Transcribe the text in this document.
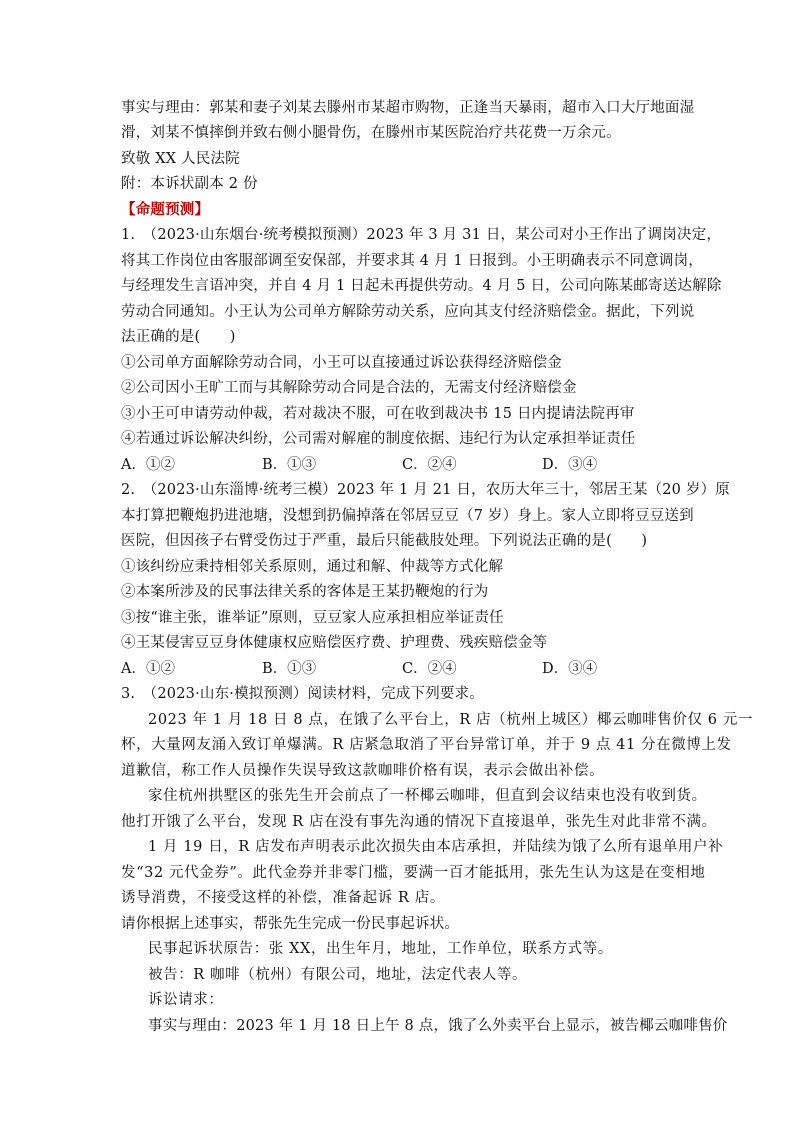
事实与理由：郭某和妻子刘某去滕州市某超市购物，正逢当天暴雨，超市入口大厅地面湿
滑，刘某不慎摔倒并致右侧小腿骨伤，在滕州市某医院治疗共花费一万余元。
致敬 XX 人民法院
附：本诉状副本 2 份
【命题预测】
1.　（2023·山东烟台·统考模拟预测）2023 年 3 月 31 日，某公司对小王作出了调岗决定，
将其工作岗位由客服部调至安保部，并要求其 4 月 1 日报到。小王明确表示不同意调岗，
与经理发生言语冲突，并自 4 月 1 日起未再提供劳动。4 月 5 日，公司向陈某邮寄送达解除
劳动合同通知。小王认为公司单方解除劳动关系，应向其支付经济赔偿金。据此，下列说
法正确的是(　　)
①公司单方面解除劳动合同，小王可以直接通过诉讼获得经济赔偿金
②公司因小王旷工而与其解除劳动合同是合法的，无需支付经济赔偿金
③小王可申请劳动仲裁，若对裁决不服，可在收到裁决书 15 日内提请法院再审
④若通过诉讼解决纠纷，公司需对解雇的制度依据、违纪行为认定承担举证责任
A．①②	B．①③	C．②④	D．③④
2.　（2023·山东淄博·统考三模）2023 年 1 月 21 日，农历大年三十，邻居王某（20 岁）原
本打算把鞭炮扔进池塘，没想到扔偏掉落在邻居豆豆（7 岁）身上。家人立即将豆豆送到
医院，但因孩子右臂受伤过于严重，最后只能截肢处理。下列说法正确的是(　　)
①该纠纷应秉持相邻关系原则，通过和解、仲裁等方式化解
②本案所涉及的民事法律关系的客体是王某扔鞭炮的行为
③按“谁主张，谁举证”原则，豆豆家人应承担相应举证责任
④王某侵害豆豆身体健康权应赔偿医疗费、护理费、残疾赔偿金等
A．①②	B．①③	C．②④	D．③④
3.　（2023·山东·模拟预测）阅读材料，完成下列要求。
2023 年 1 月 18 日 8 点，在饿了么平台上，R 店（杭州上城区）椰云咖啡售价仅 6 元一
杯，大量网友涌入致订单爆满。R 店紧急取消了平台异常订单，并于 9 点 41 分在微博上发
道歉信，称工作人员操作失误导致这款咖啡价格有误，表示会做出补偿。
家住杭州拱墅区的张先生开会前点了一杯椰云咖啡，但直到会议结束也没有收到货。
他打开饿了么平台，发现 R 店在没有事先沟通的情况下直接退单，张先生对此非常不满。
1 月 19 日，R 店发布声明表示此次损失由本店承担，并陆续为饿了么所有退单用户补
发“32 元代金券”。此代金券并非零门槛，要满一百才能抵用，张先生认为这是在变相地
诱导消费，不接受这样的补偿，准备起诉 R 店。
请你根据上述事实，帮张先生完成一份民事起诉状。
民事起诉状原告：张 XX，出生年月，地址，工作单位，联系方式等。
被告：R 咖啡（杭州）有限公司，地址，法定代表人等。
诉讼请求：
事实与理由：2023 年 1 月 18 日上午 8 点，饿了么外卖平台上显示，被告椰云咖啡售价
